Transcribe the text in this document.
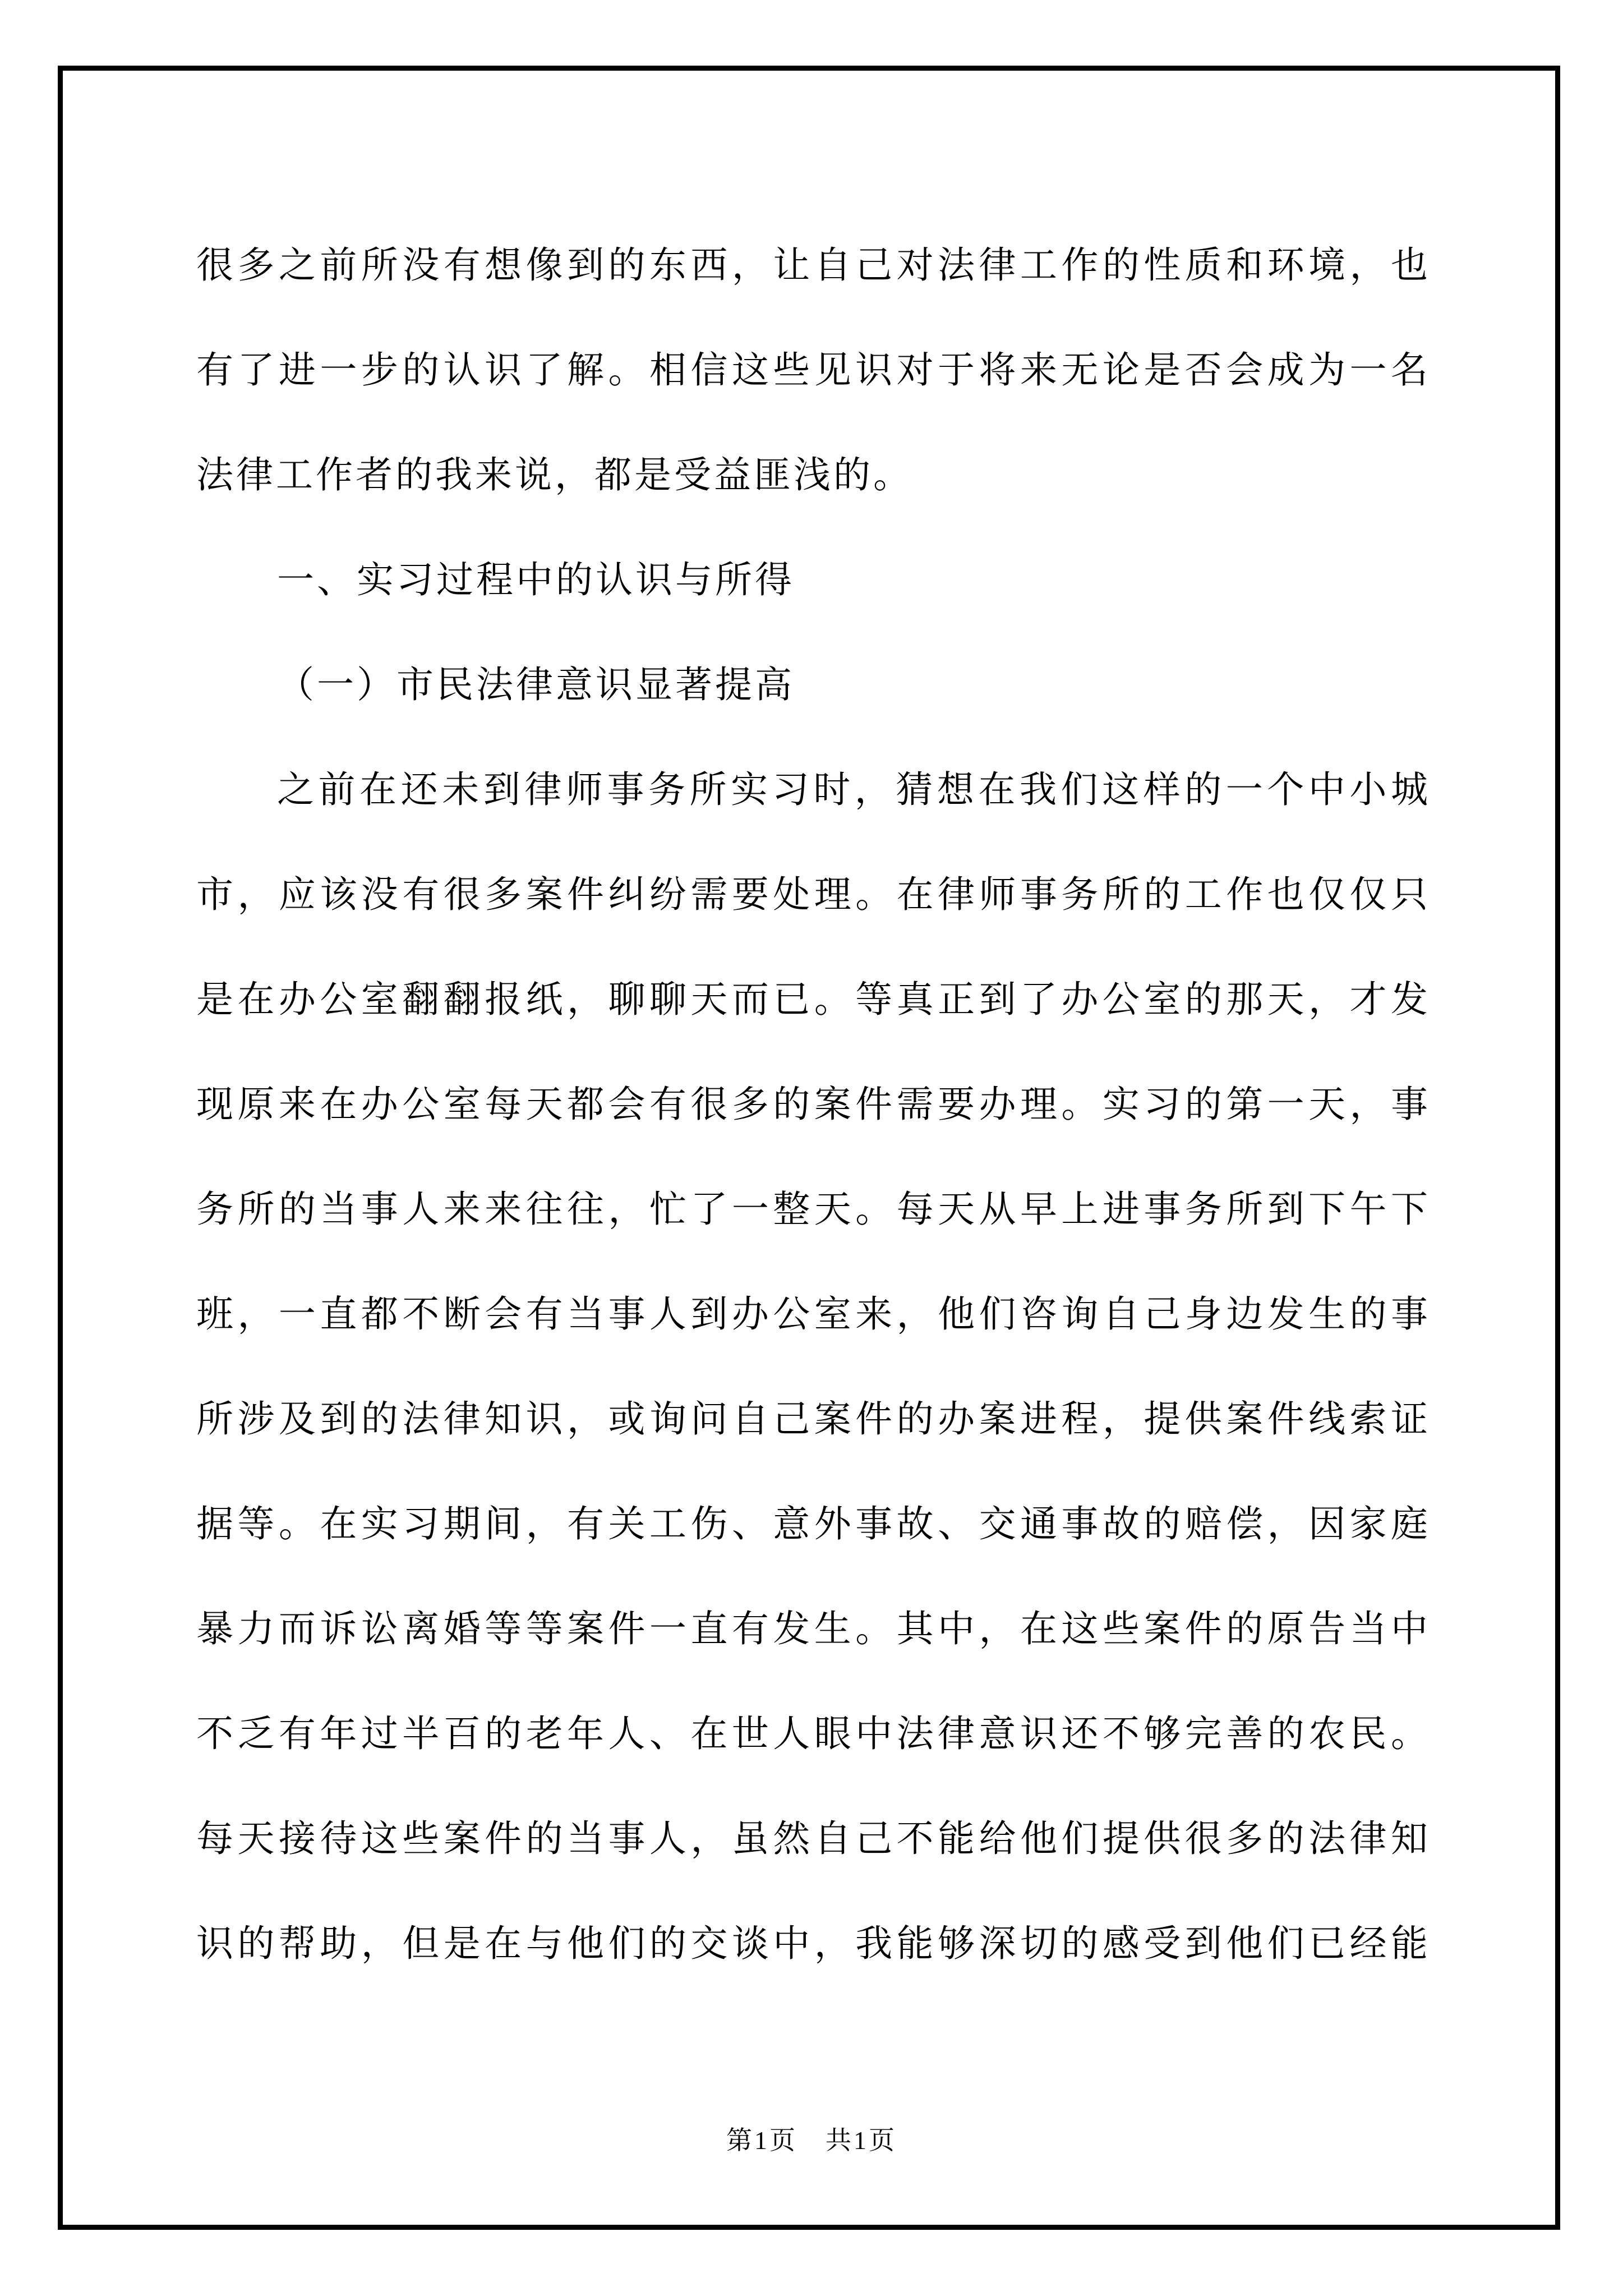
很多之前所没有想像到的东西，让自己对法律工作的性质和环境，也
有了进一步的认识了解。相信这些见识对于将来无论是否会成为一名
法律工作者的我来说，都是受益匪浅的。
一、实习过程中的认识与所得
（一）市民法律意识显著提高
之前在还未到律师事务所实习时，猜想在我们这样的一个中小城
市，应该没有很多案件纠纷需要处理。在律师事务所的工作也仅仅只
是在办公室翻翻报纸，聊聊天而已。等真正到了办公室的那天，才发
现原来在办公室每天都会有很多的案件需要办理。实习的第一天，事
务所的当事人来来往往，忙了一整天。每天从早上进事务所到下午下
班，一直都不断会有当事人到办公室来，他们咨询自己身边发生的事
所涉及到的法律知识，或询问自己案件的办案进程，提供案件线索证
据等。在实习期间，有关工伤、意外事故、交通事故的赔偿，因家庭
暴力而诉讼离婚等等案件一直有发生。其中，在这些案件的原告当中
不乏有年过半百的老年人、在世人眼中法律意识还不够完善的农民。
每天接待这些案件的当事人，虽然自己不能给他们提供很多的法律知
识的帮助，但是在与他们的交谈中，我能够深切的感受到他们已经能
第1页　共1页
